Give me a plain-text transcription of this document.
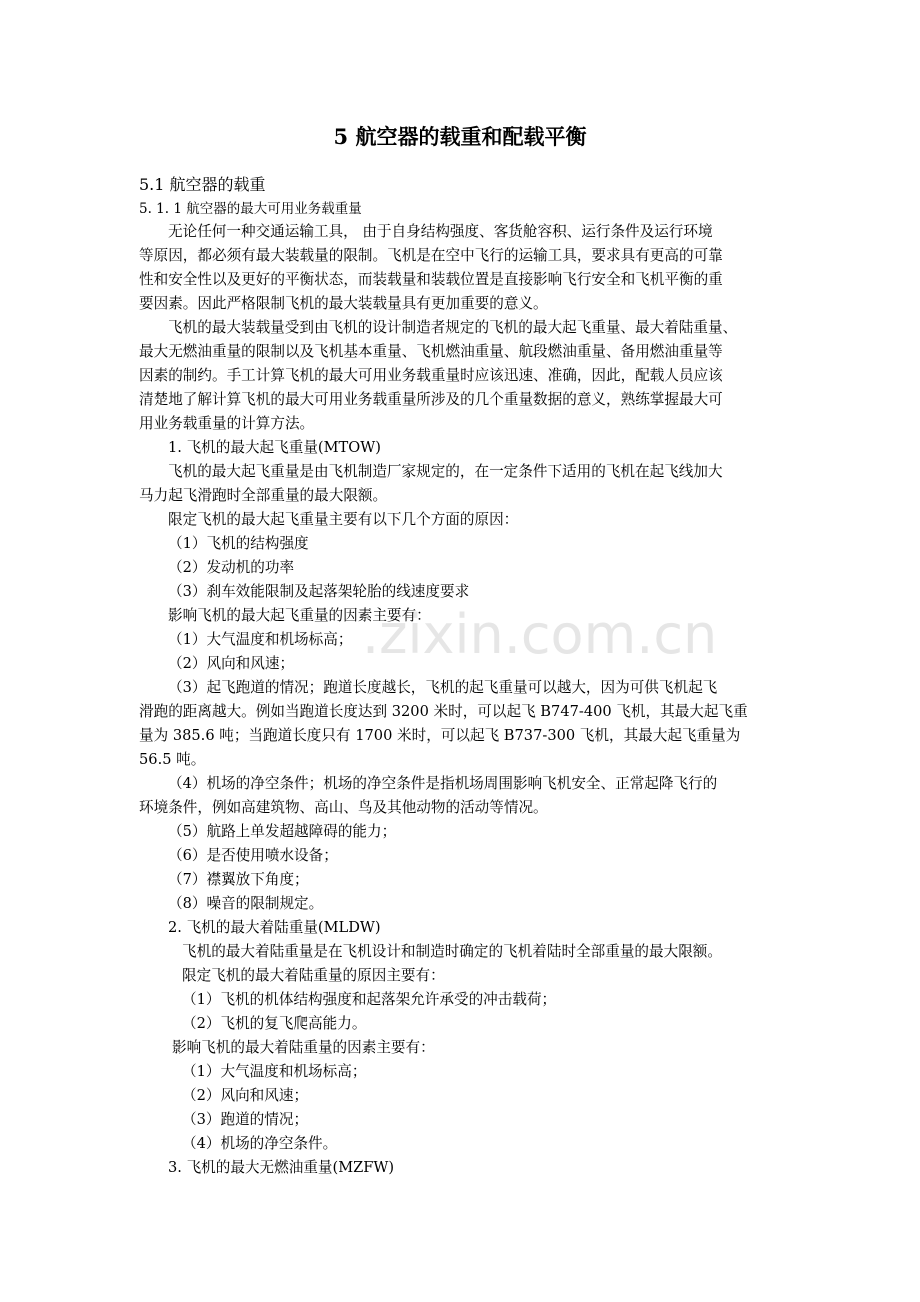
.zixin.com.cn
5 航空器的载重和配载平衡
5.1 航空器的载重
5. 1. 1 航空器的最大可用业务载重量
无论任何一种交通运输工具， 由于自身结构强度、客货舱容积、运行条件及运行环境
等原因，都必须有最大装载量的限制。飞机是在空中飞行的运输工具，要求具有更高的可靠
性和安全性以及更好的平衡状态，而装载量和装载位置是直接影响飞行安全和飞机平衡的重
要因素。因此严格限制飞机的最大装载量具有更加重要的意义。
飞机的最大装载量受到由飞机的设计制造者规定的飞机的最大起飞重量、最大着陆重量、
最大无燃油重量的限制以及飞机基本重量、飞机燃油重量、航段燃油重量、备用燃油重量等
因素的制约。手工计算飞机的最大可用业务载重量时应该迅速、准确，因此，配载人员应该
清楚地了解计算飞机的最大可用业务载重量所涉及的几个重量数据的意义，熟练掌握最大可
用业务载重量的计算方法。
1. 飞机的最大起飞重量(MTOW)
飞机的最大起飞重量是由飞机制造厂家规定的，在一定条件下适用的飞机在起飞线加大
马力起飞滑跑时全部重量的最大限额。
限定飞机的最大起飞重量主要有以下几个方面的原因：
（1）飞机的结构强度
（2）发动机的功率
（3）刹车效能限制及起落架轮胎的线速度要求
影响飞机的最大起飞重量的因素主要有：
（1）大气温度和机场标高；
（2）风向和风速；
（3）起飞跑道的情况；跑道长度越长，飞机的起飞重量可以越大，因为可供飞机起飞
滑跑的距离越大。例如当跑道长度达到 3200 米时，可以起飞 B747-400 飞机，其最大起飞重
量为 385.6 吨；当跑道长度只有 1700 米时，可以起飞 B737-300 飞机，其最大起飞重量为
56.5 吨。
（4）机场的净空条件；机场的净空条件是指机场周围影响飞机安全、正常起降飞行的
环境条件，例如高建筑物、高山、鸟及其他动物的活动等情况。
（5）航路上单发超越障碍的能力；
（6）是否使用喷水设备；
（7）襟翼放下角度；
（8）噪音的限制规定。
2. 飞机的最大着陆重量(MLDW)
飞机的最大着陆重量是在飞机设计和制造时确定的飞机着陆时全部重量的最大限额。
限定飞机的最大着陆重量的原因主要有：
（1）飞机的机体结构强度和起落架允许承受的冲击载荷；
（2）飞机的复飞爬高能力。
影响飞机的最大着陆重量的因素主要有：
（1）大气温度和机场标高；
（2）风向和风速；
（3）跑道的情况；
（4）机场的净空条件。
3. 飞机的最大无燃油重量(MZFW)
